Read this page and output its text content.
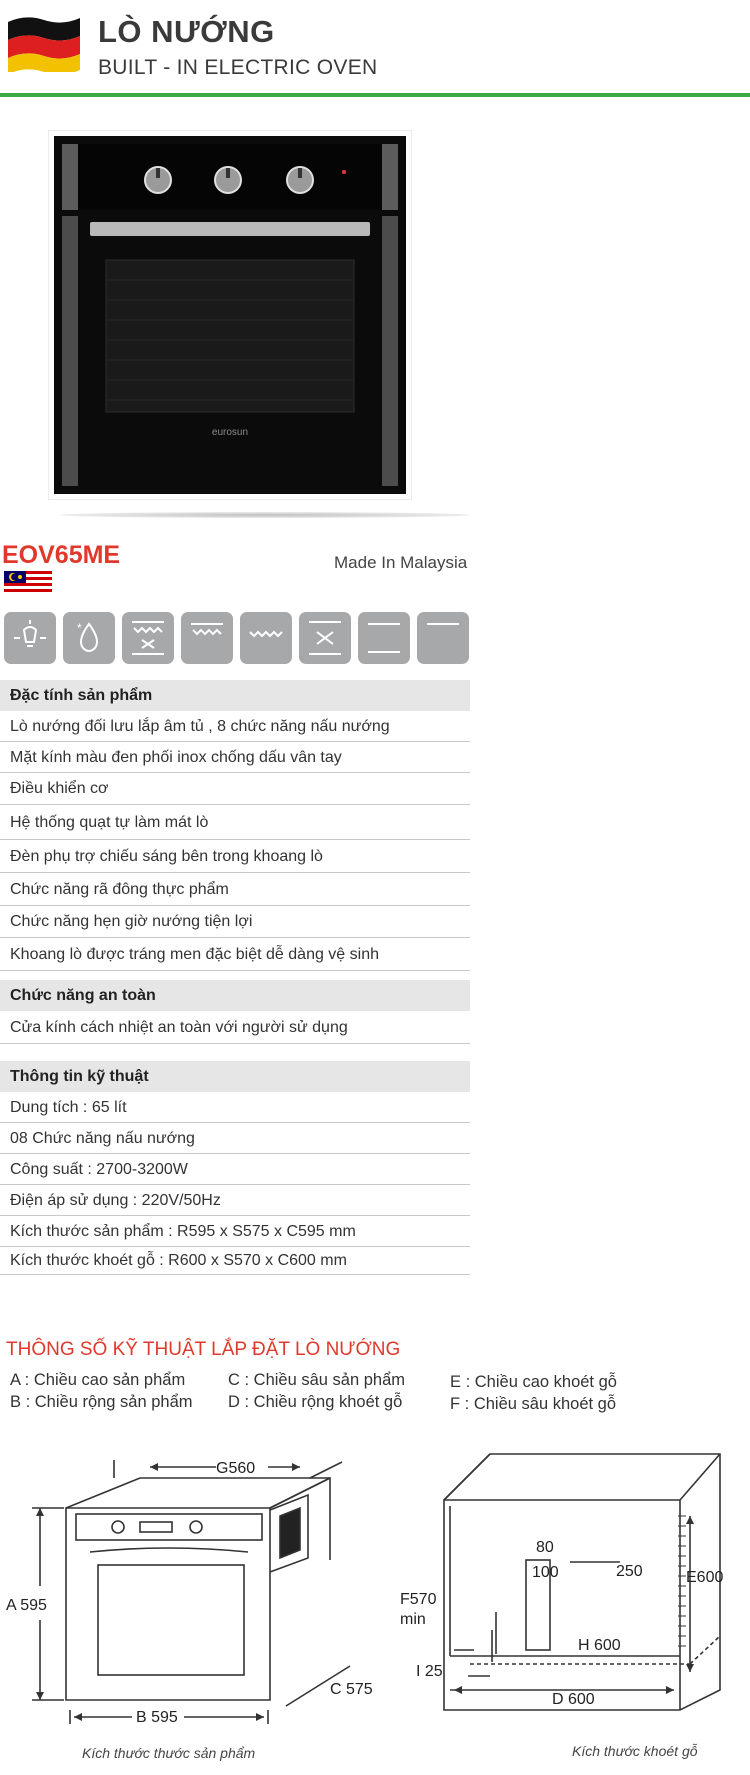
LÒ NƯỚNG
BUILT - IN ELECTRIC OVEN
eurosun
EOV65ME	Made In Malaysia
*
Đặc tính sản phẩm
Lò nướng đối lưu lắp âm tủ , 8 chức năng nấu nướng
Mặt kính màu đen phối inox chống dấu vân tay
Điều khiển cơ
Hệ thống quạt tự làm mát lò
Đèn phụ trợ chiếu sáng bên trong khoang lò
Chức năng rã đông thực phẩm
Chức năng hẹn giờ nướng tiện lợi
Khoang lò được tráng men đặc biệt dễ dàng vệ sinh
Chức năng an toàn
Cửa kính cách nhiệt an toàn với người sử dụng
Thông tin kỹ thuật
Dung tích : 65 lít
08 Chức năng nấu nướng
Công suất : 2700-3200W
Điện áp sử dụng : 220V/50Hz
Kích thước sản phẩm : R595 x S575 x C595 mm
Kích thước khoét gỗ : R600 x S570 x C600 mm
THÔNG SỐ KỸ THUẬT LẮP ĐẶT LÒ NƯỚNG
A : Chiều cao sản phẩm
B : Chiều rộng sản phẩm
C : Chiều sâu sản phẩm
D : Chiều rộng khoét gỗ
E : Chiều cao khoét gỗ
F : Chiều sâu khoét gỗ
G560
A 595
B 595
C 575
Kích thước thước sản phẩm
80
100	250	E600
F570
min
H 600
I 25
D 600
Kích thước khoét gỗ
